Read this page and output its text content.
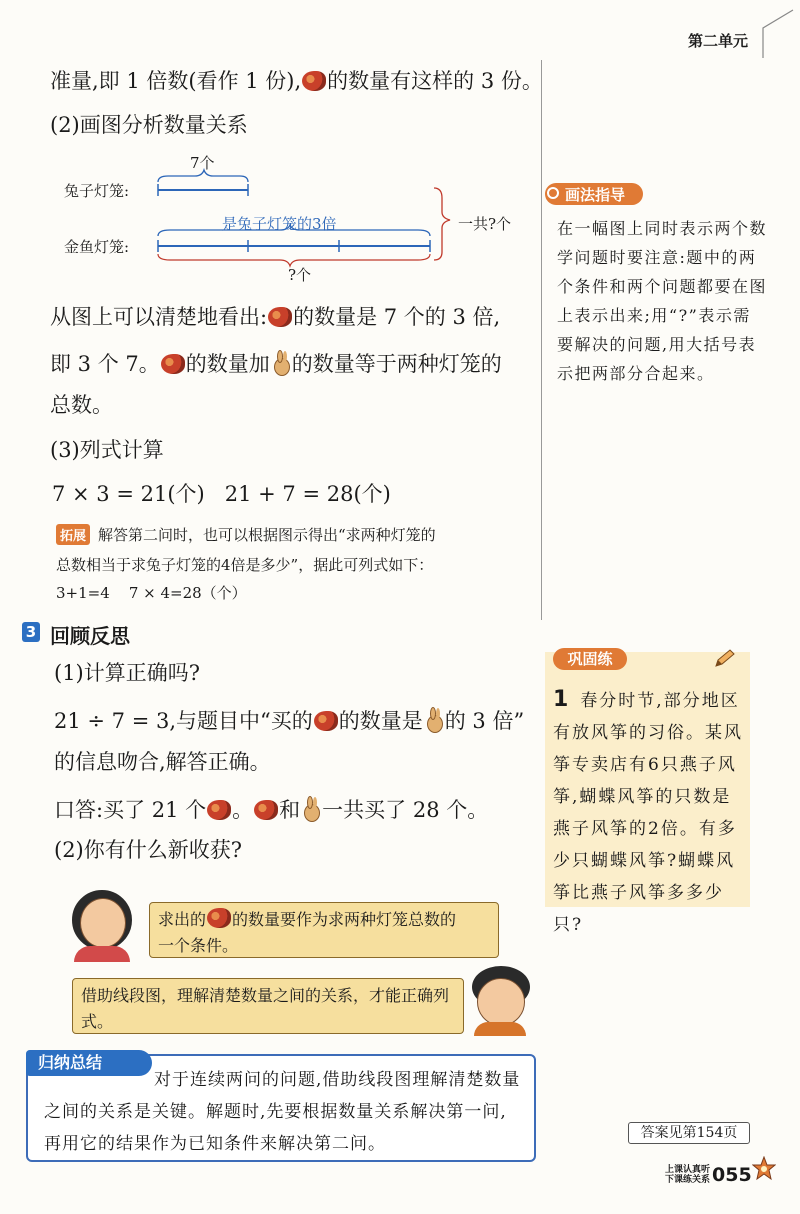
第二单元
准量,即 1 倍数(看作 1 份), 的数量有这样的 3 份。
(2)画图分析数量关系
7个
兔子灯笼:
是兔子灯笼的3倍
金鱼灯笼:
一共?个
?个
从图上可以清楚地看出: 的数量是 7 个的 3 倍,
即 3 个 7。 的数量加 的数量等于两种灯笼的
总数。
(3)列式计算
7 × 3 = 21(个)   21 + 7 = 28(个)
拓展 解答第二问时，也可以根据图示得出“求两种灯笼的
总数相当于求兔子灯笼的4倍是多少”，据此可列式如下：
3+1=4    7 × 4=28（个）
3 回顾反思
(1)计算正确吗?
21 ÷ 7 = 3,与题目中“买的 的数量是 的 3 倍”
的信息吻合,解答正确。
口答:买了 21 个 。 和 一共买了 28 个。
(2)你有什么新收获?
求出的 的数量要作为求两种灯笼总数的
一个条件。
借助线段图，理解清楚数量之间的关系，才能正确列式。
归纳总结
对于连续两问的问题,借助线段图理解清楚数量之间的关系是关键。解题时,先要根据数量关系解决第一问,再用它的结果作为已知条件来解决第二问。
画法指导
在一幅图上同时表示两个数学问题时要注意:题中的两个条件和两个问题都要在图上表示出来;用“?”表示需要解决的问题,用大括号表示把两部分合起来。
巩固练
1 春分时节,部分地区有放风筝的习俗。某风筝专卖店有6只燕子风筝,蝴蝶风筝的只数是燕子风筝的2倍。有多少只蝴蝶风筝?蝴蝶风筝比燕子风筝多多少只?
答案见第154页
上课认真听
下课练关系 055
